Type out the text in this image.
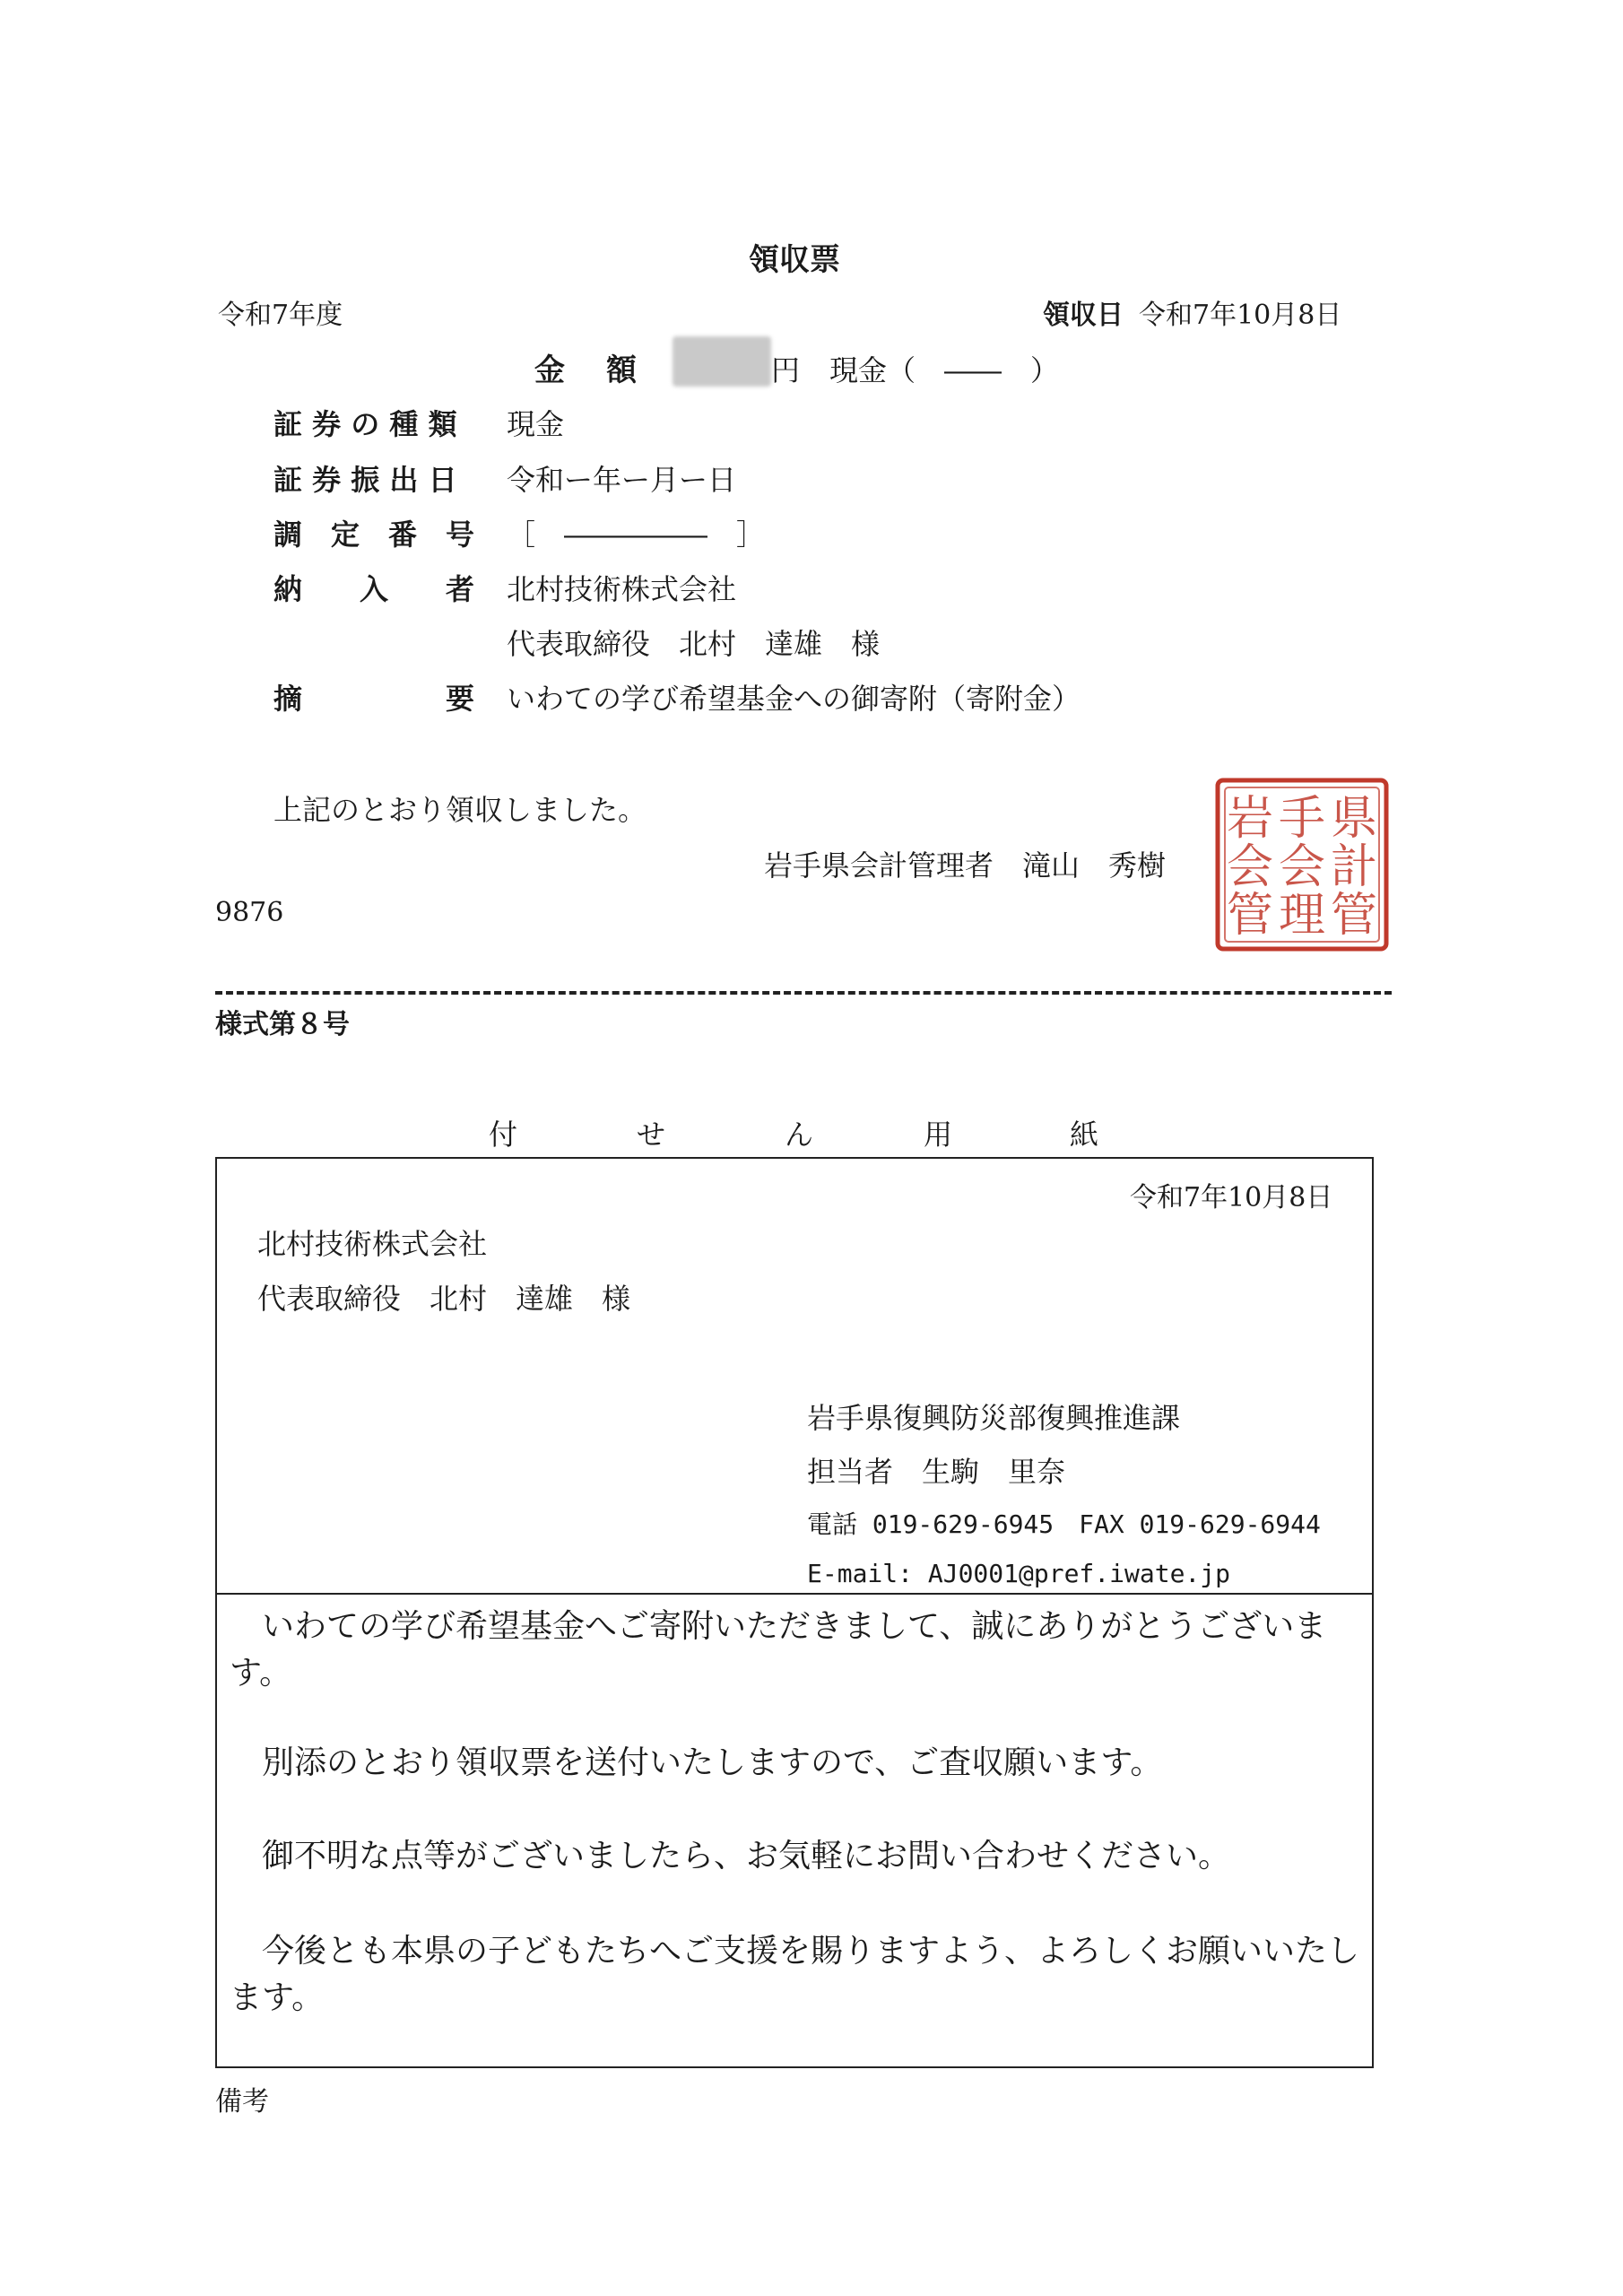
領収票
令和7年度	領収日 令和7年10月8日
金　額	円 現金（　――　）
証 券 の 種 類 現金
証 券 振 出 日 令和ー年ー月ー日
調　定　番　号 ［　―――――　］
納　　入　　者 北村技術株式会社
代表取締役　北村　達雄　様
摘　　　　　要 いわての学び希望基金への御寄附（寄附金）
上記のとおり領収しました。
岩手県会計管理者　滝山　秀樹
9876
県
岩
計
手
会
会
管
理
管
様式第８号
付	せ	ん	用	紙
令和7年10月8日
北村技術株式会社
代表取締役　北村　達雄　様
岩手県復興防災部復興推進課
担当者　生駒　里奈
電話 019-629-6945　FAX 019-629-6944
E-mail: AJ0001@pref.iwate.jp
いわての学び希望基金へご寄附いただきまして、誠にありがとうございます。
別添のとおり領収票を送付いたしますので、ご査収願います。
御不明な点等がございましたら、お気軽にお問い合わせください。
今後とも本県の子どもたちへご支援を賜りますよう、よろしくお願いいたします。
備考
